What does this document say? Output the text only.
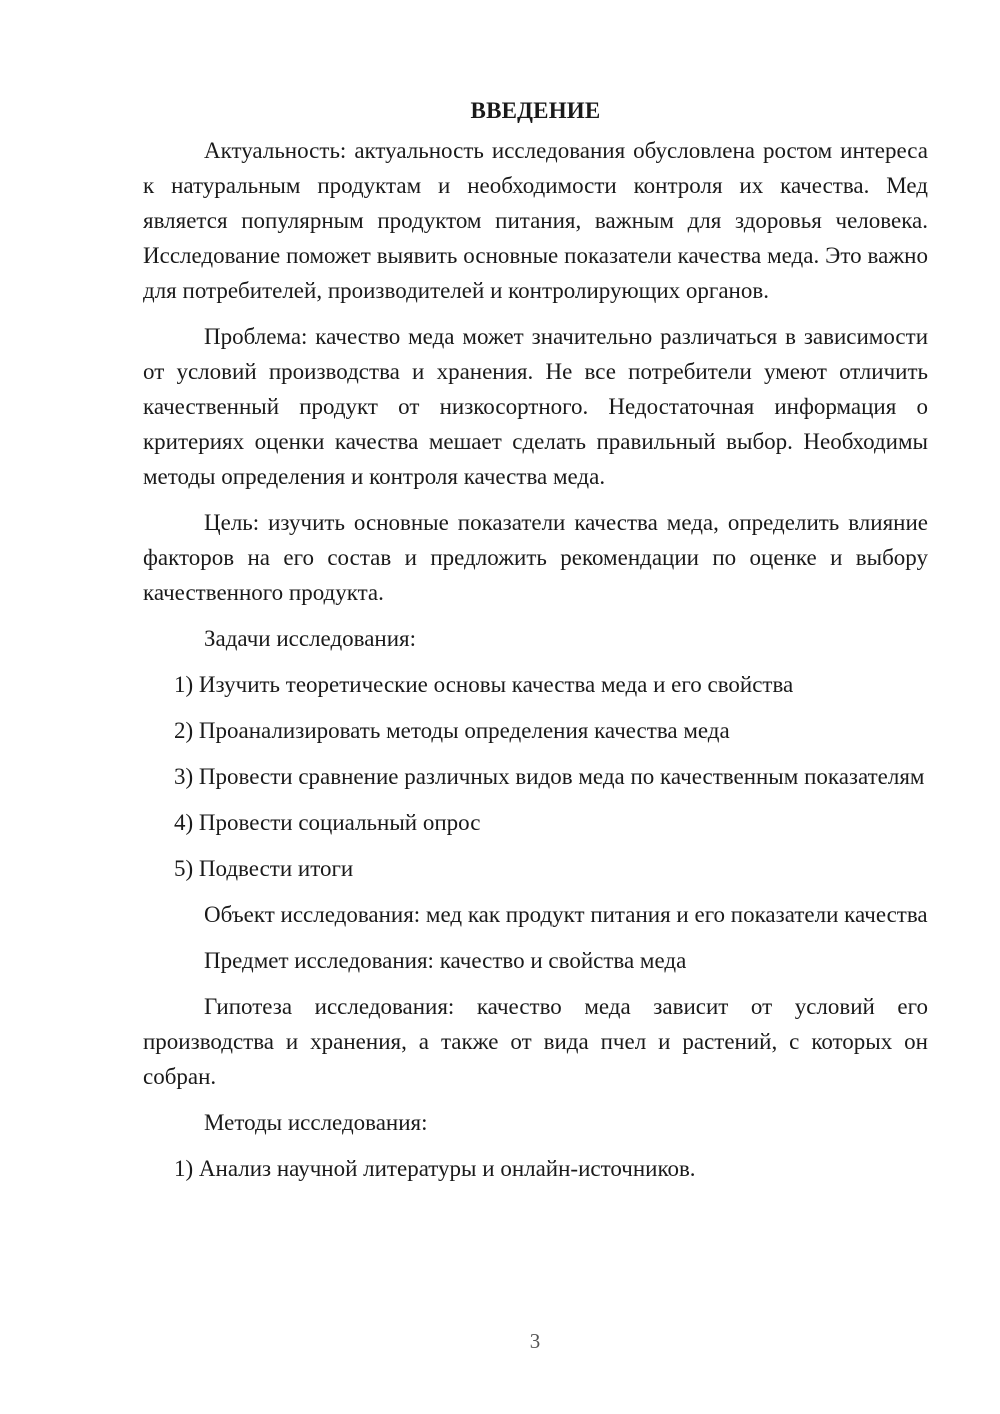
ВВЕДЕНИЕ
Актуальность: актуальность исследования обусловлена ростом интереса к натуральным продуктам и необходимости контроля их качества. Мед является популярным продуктом питания, важным для здоровья человека. Исследование поможет выявить основные показатели качества меда. Это важно для потребителей, производителей и контролирующих органов.
Проблема: качество меда может значительно различаться в зависимости от условий производства и хранения. Не все потребители умеют отличить качественный продукт от низкосортного. Недостаточная информация о критериях оценки качества мешает сделать правильный выбор. Необходимы методы определения и контроля качества меда.
Цель: изучить основные показатели качества меда, определить влияние факторов на его состав и предложить рекомендации по оценке и выбору качественного продукта.
Задачи исследования:
1) Изучить теоретические основы качества меда и его свойства
2) Проанализировать методы определения качества меда
3) Провести сравнение различных видов меда по качественным показателям
4) Провести социальный опрос
5) Подвести итоги
Объект исследования: мед как продукт питания и его показатели качества
Предмет исследования: качество и свойства меда
Гипотеза исследования: качество меда зависит от условий его производства и хранения, а также от вида пчел и растений, с которых он собран.
Методы исследования:
1) Анализ научной литературы и онлайн-источников.
3
